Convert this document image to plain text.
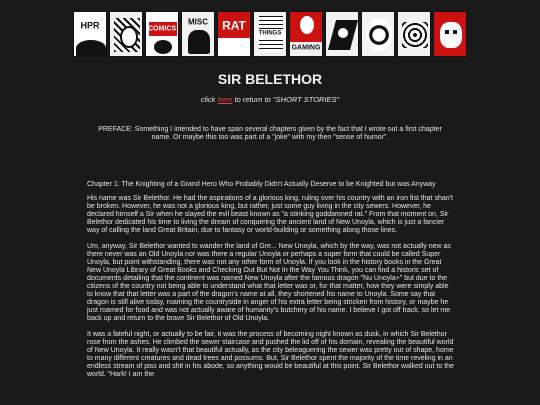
HPR	COMICS
MISC	RAT
THINGS
GAMING
SIR BELETHOR
click here to return to "SHORT STORIES"
PREFACE: Something I intended to have span several chapters given by the fact that I wrote out a first chapter name. Or maybe this too was part of a "joke" with my then "sense of humor".

Chapter 1: The Knighting of a Grand Hero Who Probably Didn't Actually Deserve to be Knighted but was Anyway

His name was Sir Belethor. He had the aspirations of a glorious king, ruling over his country with an iron fist that shan't be broken. However, he was not a glorious king, but rather, just some guy living in the city sewers. However, he declared himself a Sir when he slayed the evil beast known as "a stinking goddamned rat." From that moment on, Sir Belethor dedicated his time to living the dream of conquering the ancient land of New Unoyla, which is just a fancier way of calling the land Great Britain, due to fantasy or world-building or something along those lines.

Um, anyway, Sir Belethor wanted to wander the land of Gre... New Unoyla, which by the way, was not actually new as there never was an Old Unoyla nor was there a regular Unoyla or perhaps a super form that could be called Super Unoyla, but point withstanding, there was not any other form of Unoyla. If you look in the history books in the Great New Unoyla Library of Great Books and Checking Out But Not In the Way You Think, you can find a historic set of documents detailing that the continent was named New Unoyla after the famous dragon "Nu Unoyla+" but due to the citizens of the country not being able to understand what that letter was or, for that matter, how they were simply able to know that that letter was a part of the dragon's name at all, they shortened his name to Unoyla. Some say that dragon is still alive today, roaming the countryside in anger of his extra letter being stricken from history, or maybe he just roamed for food and was not actually aware of humanity's butchery of his name. I believe I got off track, so let me back up and return to the brave Sir Belethor of Old Unoyla.

It was a fateful night, or actually to be fair, it was the process of becoming night known as dusk, in which Sir Belethor rose from the ashes. He climbed the sewer staircase and pushed the lid off of his domain, revealing the beautiful world of New Unoyla. It really wasn't that beautiful actually, as the city beleaguering the sewer was pretty out of shape, home to many different creatures and dead trees and possums. But, Sir Belethor spent the majority of the time reveling in an endless stream of piss and shit in his abode, so anything would be beautiful at this point. Sir Belethor walked out to the world. "Hark! I am the
